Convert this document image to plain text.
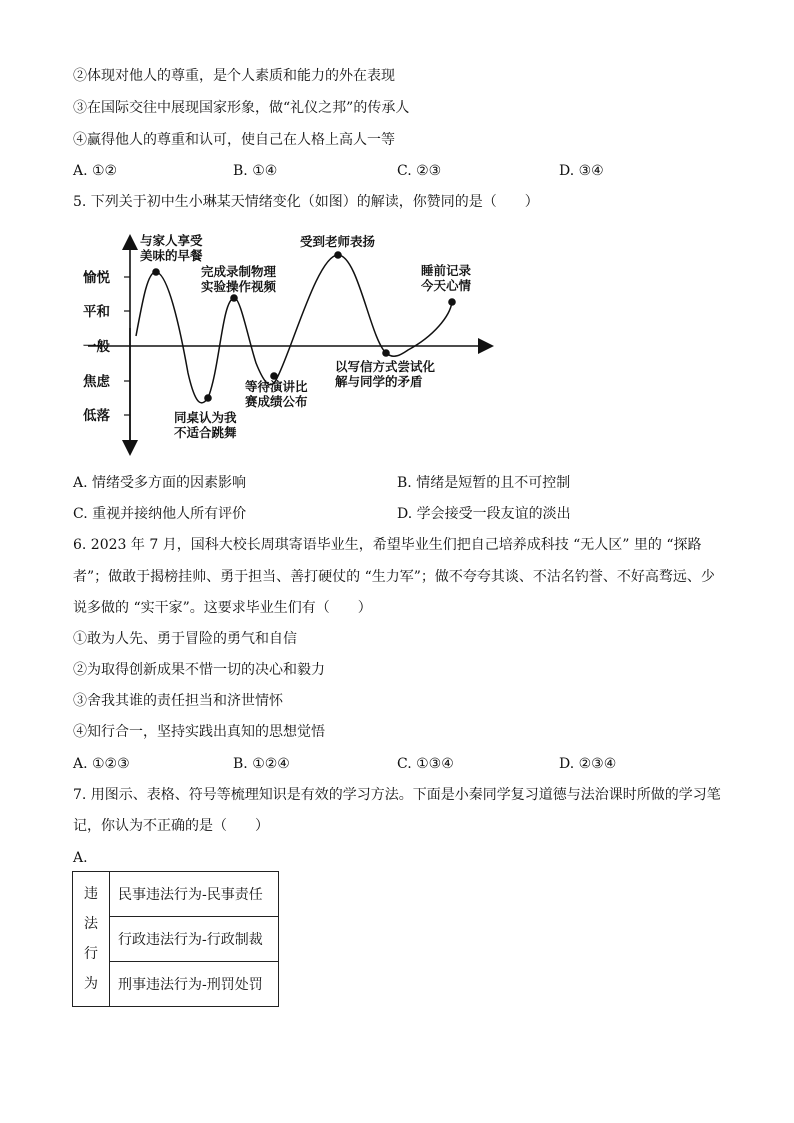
②体现对他人的尊重，是个人素质和能力的外在表现
③在国际交往中展现国家形象，做“礼仪之邦”的传承人
④赢得他人的尊重和认可，使自己在人格上高人一等
A. ①②	B. ①④	C. ②③	D. ③④
5. 下列关于初中生小琳某天情绪变化（如图）的解读，你赞同的是（　　）
愉悦
平和
一般
焦虑
低落
与家人享受
美味的早餐
同桌认为我
不适合跳舞
完成录制物理
实验操作视频
等待演讲比
赛成绩公布
受到老师表扬
以写信方式尝试化
解与同学的矛盾
睡前记录
今天心情
A. 情绪受多方面的因素影响	B. 情绪是短暂的且不可控制
C. 重视并接纳他人所有评价	D. 学会接受一段友谊的淡出
6. 2023 年 7 月，国科大校长周琪寄语毕业生，希望毕业生们把自己培养成科技 “无人区” 里的 “探路
者”；做敢于揭榜挂帅、勇于担当、善打硬仗的 “生力军”；做不夸夸其谈、不沽名钓誉、不好高骛远、少
说多做的 “实干家”。这要求毕业生们有（　　）
①敢为人先、勇于冒险的勇气和自信
②为取得创新成果不惜一切的决心和毅力
③舍我其谁的责任担当和济世情怀
④知行合一，坚持实践出真知的思想觉悟
A. ①②③	B. ①②④	C. ①③④	D. ②③④
7. 用图示、表格、符号等梳理知识是有效的学习方法。下面是小秦同学复习道德与法治课时所做的学习笔
记，你认为不正确的是（　　）
A.
违
法
行
为
	民事违法行为-民事责任
行政违法行为-行政制裁
刑事违法行为-刑罚处罚
